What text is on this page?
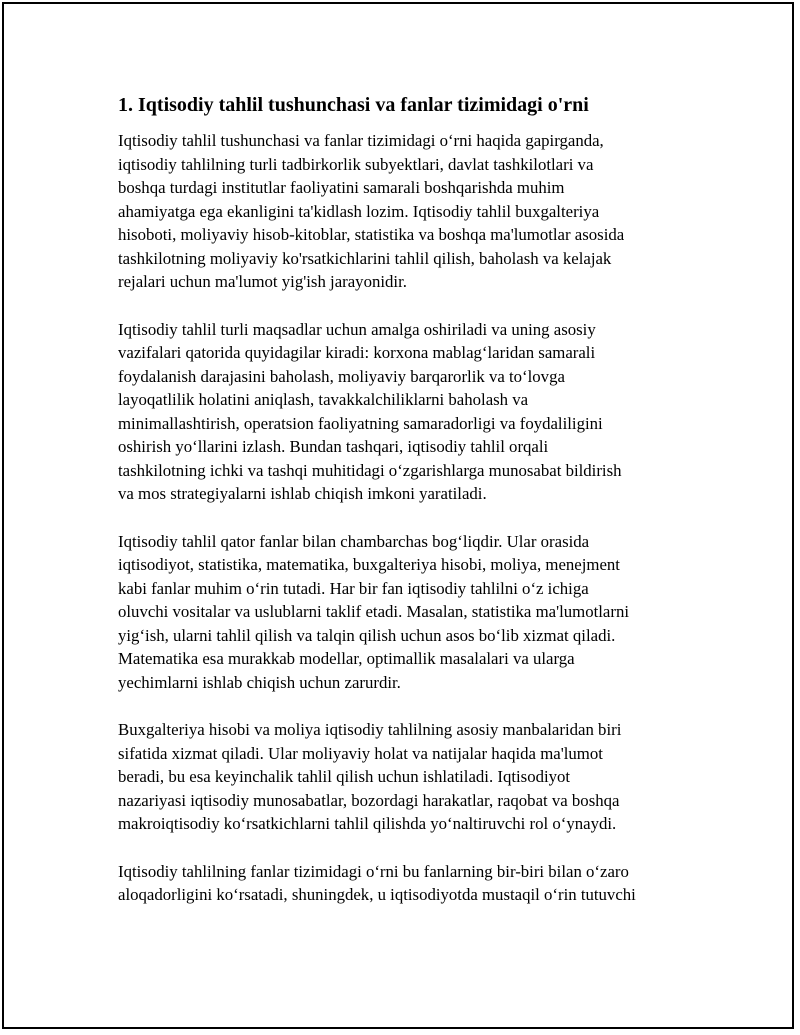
1. Iqtisodiy tahlil tushunchasi va fanlar tizimidagi o'rni

Iqtisodiy tahlil tushunchasi va fanlar tizimidagi o‘rni haqida gapirganda,
iqtisodiy tahlilning turli tadbirkorlik subyektlari, davlat tashkilotlari va
boshqa turdagi institutlar faoliyatini samarali boshqarishda muhim
ahamiyatga ega ekanligini ta'kidlash lozim. Iqtisodiy tahlil buxgalteriya
hisoboti, moliyaviy hisob-kitoblar, statistika va boshqa ma'lumotlar asosida
tashkilotning moliyaviy ko'rsatkichlarini tahlil qilish, baholash va kelajak
rejalari uchun ma'lumot yig'ish jarayonidir.

Iqtisodiy tahlil turli maqsadlar uchun amalga oshiriladi va uning asosiy
vazifalari qatorida quyidagilar kiradi: korxona mablag‘laridan samarali
foydalanish darajasini baholash, moliyaviy barqarorlik va to‘lovga
layoqatlilik holatini aniqlash, tavakkalchiliklarni baholash va
minimallashtirish, operatsion faoliyatning samaradorligi va foydaliligini
oshirish yo‘llarini izlash. Bundan tashqari, iqtisodiy tahlil orqali
tashkilotning ichki va tashqi muhitidagi o‘zgarishlarga munosabat bildirish
va mos strategiyalarni ishlab chiqish imkoni yaratiladi.

Iqtisodiy tahlil qator fanlar bilan chambarchas bog‘liqdir. Ular orasida
iqtisodiyot, statistika, matematika, buxgalteriya hisobi, moliya, menejment
kabi fanlar muhim o‘rin tutadi. Har bir fan iqtisodiy tahlilni o‘z ichiga
oluvchi vositalar va uslublarni taklif etadi. Masalan, statistika ma'lumotlarni
yig‘ish, ularni tahlil qilish va talqin qilish uchun asos bo‘lib xizmat qiladi.
Matematika esa murakkab modellar, optimallik masalalari va ularga
yechimlarni ishlab chiqish uchun zarurdir.

Buxgalteriya hisobi va moliya iqtisodiy tahlilning asosiy manbalaridan biri
sifatida xizmat qiladi. Ular moliyaviy holat va natijalar haqida ma'lumot
beradi, bu esa keyinchalik tahlil qilish uchun ishlatiladi. Iqtisodiyot
nazariyasi iqtisodiy munosabatlar, bozordagi harakatlar, raqobat va boshqa
makroiqtisodiy ko‘rsatkichlarni tahlil qilishda yo‘naltiruvchi rol o‘ynaydi.

Iqtisodiy tahlilning fanlar tizimidagi o‘rni bu fanlarning bir-biri bilan o‘zaro
aloqadorligini ko‘rsatadi, shuningdek, u iqtisodiyotda mustaqil o‘rin tutuvchi
